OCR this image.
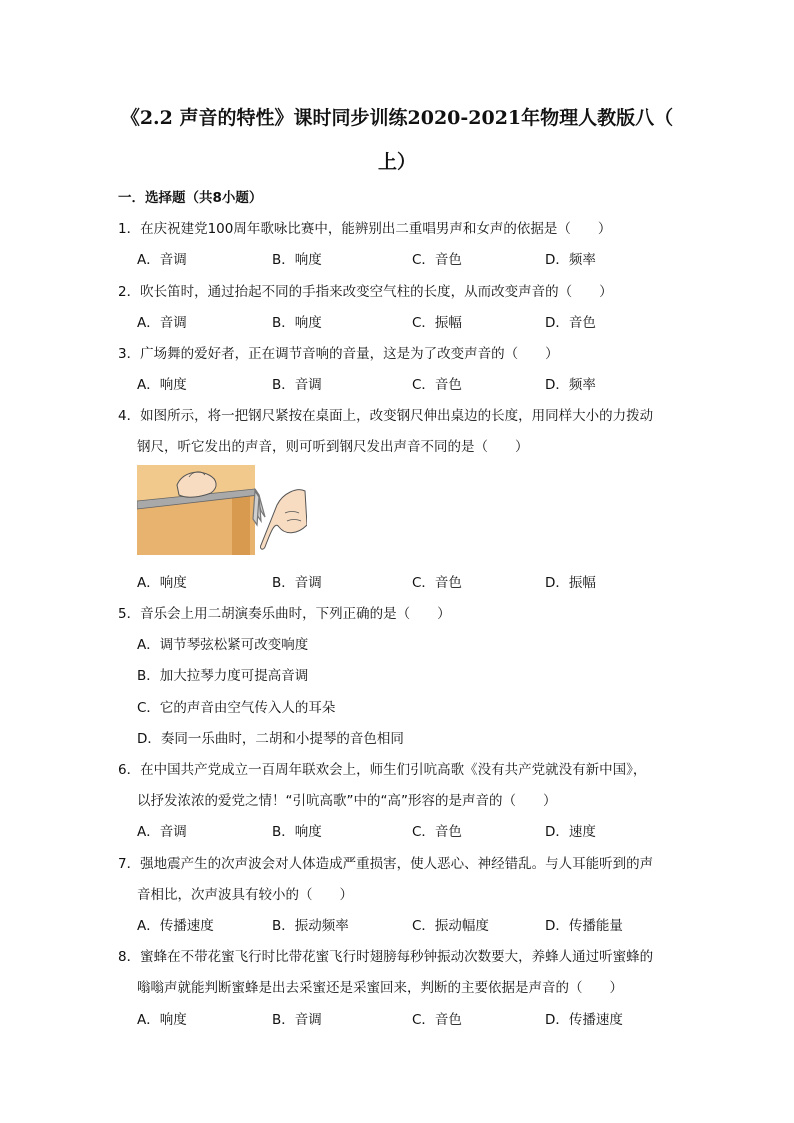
《2.2 声音的特性》课时同步训练2020-2021年物理人教版八（
上）
一．选择题（共8小题）
1．在庆祝建党100周年歌咏比赛中，能辨别出二重唱男声和女声的依据是（　　）
A．音调	B．响度	C．音色	D．频率
2．吹长笛时，通过抬起不同的手指来改变空气柱的长度，从而改变声音的（　　）
A．音调	B．响度	C．振幅	D．音色
3．广场舞的爱好者，正在调节音响的音量，这是为了改变声音的（　　）
A．响度	B．音调	C．音色	D．频率
4．如图所示，将一把钢尺紧按在桌面上，改变钢尺伸出桌边的长度，用同样大小的力拨动
钢尺，听它发出的声音，则可听到钢尺发出声音不同的是（　　）
A．响度	B．音调	C．音色	D．振幅
5．音乐会上用二胡演奏乐曲时，下列正确的是（　　）
A．调节琴弦松紧可改变响度
B．加大拉琴力度可提高音调
C．它的声音由空气传入人的耳朵
D．奏同一乐曲时，二胡和小提琴的音色相同
6．在中国共产党成立一百周年联欢会上，师生们引吭高歌《没有共产党就没有新中国》，
以抒发浓浓的爱党之情！“引吭高歌”中的“高”形容的是声音的（　　）
A．音调	B．响度	C．音色	D．速度
7．强地震产生的次声波会对人体造成严重损害，使人恶心、神经错乱。与人耳能听到的声
音相比，次声波具有较小的（　　）
A．传播速度	B．振动频率	C．振动幅度	D．传播能量
8．蜜蜂在不带花蜜飞行时比带花蜜飞行时翅膀每秒钟振动次数要大，养蜂人通过听蜜蜂的
嗡嗡声就能判断蜜蜂是出去采蜜还是采蜜回来，判断的主要依据是声音的（　　）
A．响度	B．音调	C．音色	D．传播速度
